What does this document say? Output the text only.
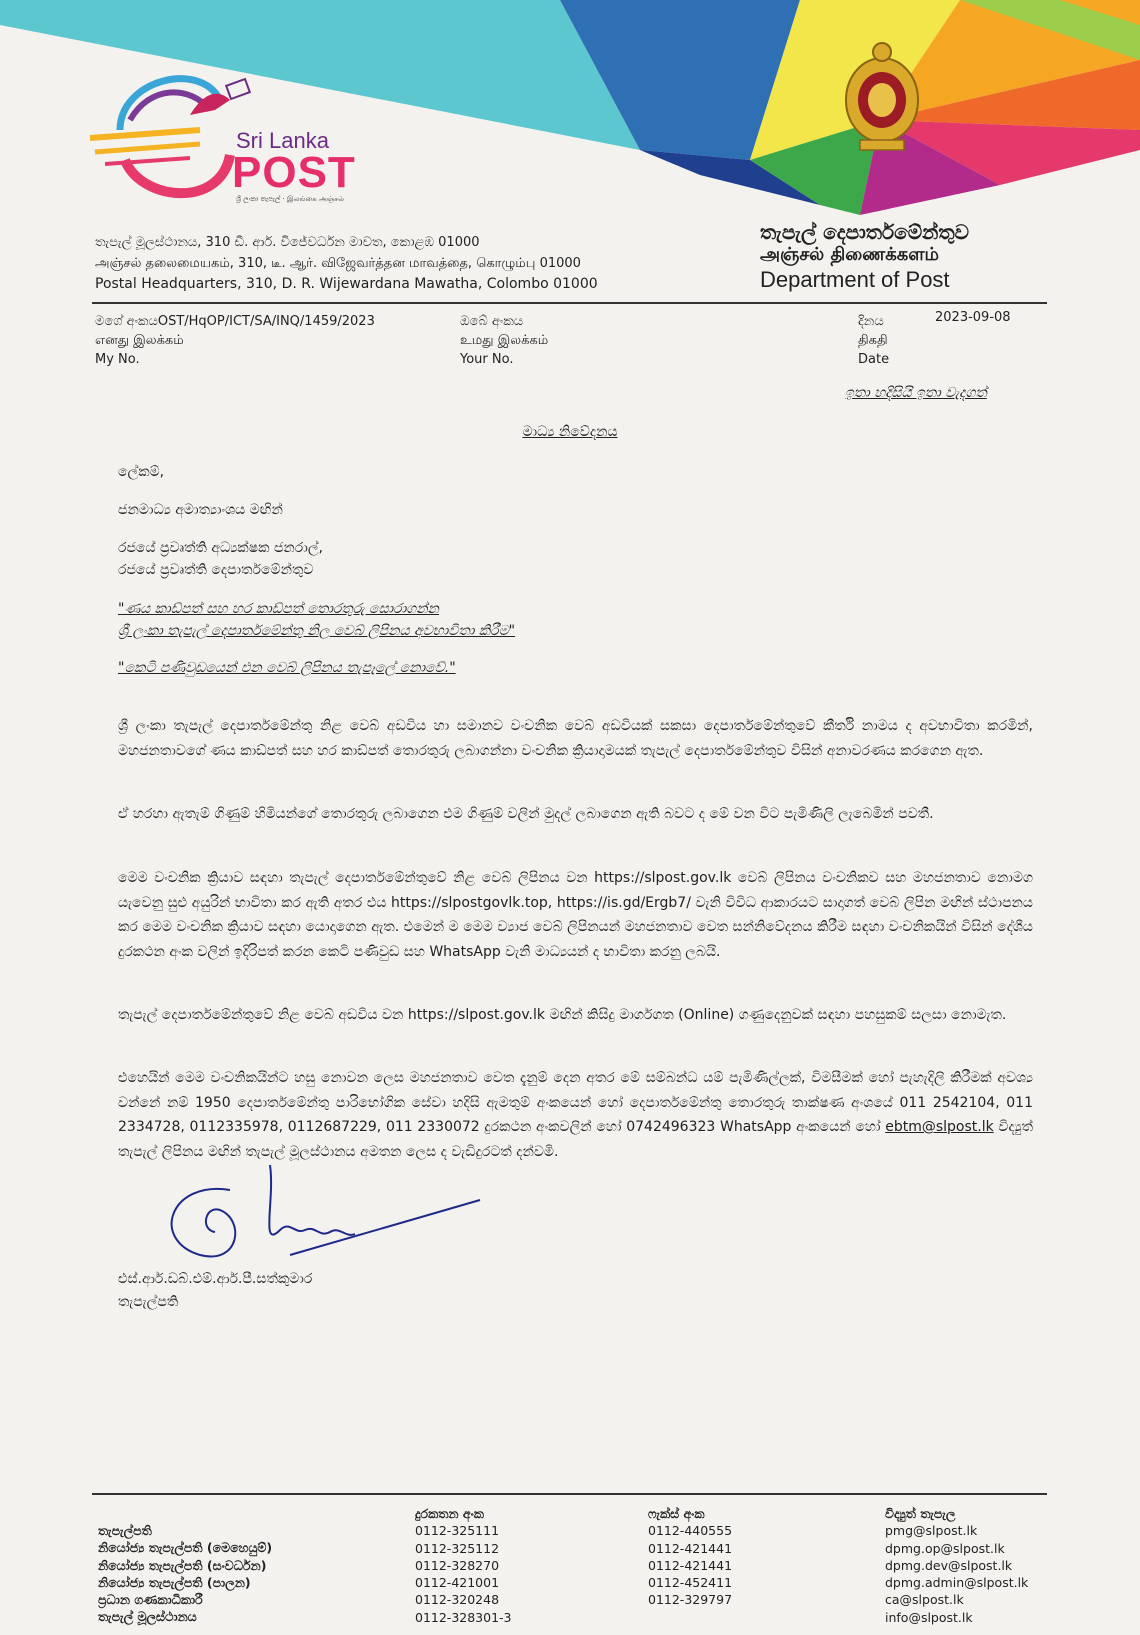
Sri Lanka
POST
ශ්‍රී ලංකා තැපැල් · இலங்கை அஞ்சல்
තැපැල් මූලස්ථානය, 310 ඩී. ආර්. විජේවර්ධන මාවත, කොළඹ 01000
அஞ்சல் தலைமையகம், 310, டீ. ஆர். விஜேவர்த்தன மாவத்தை, கொழும்பு 01000
Postal Headquarters, 310, D. R. Wijewardana Mawatha, Colombo 01000
තැපැල් දෙපාර්තමේන්තුව
அஞ்சல் திணைக்களம்
Department of Post
මගේ අංකයOST/HqOP/ICT/SA/INQ/1459/2023
எனது இலக்கம்
My No.
ඔබේ අංකය
உமது இலக்கம்
Your No.
දිනය
திகதி
Date
2023-09-08
ඉතා හදිසියි ඉතා වැදගත්
මාධ්‍ය නිවේදනය
ලේකම්,
ජනමාධ්‍ය අමාත්‍යාංශය මඟින්
රජයේ ප්‍රවෘත්ති අධ්‍යක්ෂක ජනරාල්,
රජයේ ප්‍රවෘත්ති දෙපාර්තමේන්තුව
"ණය කාඩ්පත් සහ හර කාඩ්පත් තොරතුරු සොරාගන්න
ශ්‍රී ලංකා තැපැල් දෙපාර්තමේන්තු නිල වෙබ් ලිපිනය අවභාවිතා කිරීම"
"කෙටි පණිවුඩයෙන් එන වෙබ් ලිපිනය තැපෑලේ නොවේ."
ශ්‍රී ලංකා තැපැල් දෙපාර්තමේන්තු නිළ වෙබ් අඩවිය හා සමානව වංචනික වෙබ් අඩවියක් සකසා දෙපාර්තමේන්තුවේ කීර්ති නාමය ද අවභාවිතා කරමින්, මහජනතාවගේ ණය කාඩ්පත් සහ හර කාඩ්පත් තොරතුරු ලබාගන්නා වංචනික ක්‍රියාදාමයක් තැපැල් දෙපාර්තමේන්තුව විසින් අනාවරණය කරගෙන ඇත.
ඒ හරහා ඇතැම් ගිණුම් හිමියන්ගේ තොරතුරු ලබාගෙන එම ගිණුම් වලින් මුදල් ලබාගෙන ඇති බවට ද මේ වන විට පැමිණිලි ලැබෙමින් පවතී.
මෙම වංචනික ක්‍රියාව සඳහා තැපැල් දෙපාර්තමේන්තුවේ නිළ වෙබ් ලිපිනය වන https://slpost.gov.lk වෙබ් ලිපිනය වංචනිකව සහ මහජනතාව නොමග යැවෙනු සුළු අයුරින් භාවිතා කර ඇති අතර එය https://slpostgovlk.top, https://is.gd/Ergb7/ වැනි විවිධ ආකාරයට සාදාගත් වෙබ් ලිපින මඟින් ස්ථාපනය කර මෙම වංචනික ක්‍රියාව සඳහා යොදාගෙන ඇත. එමෙන් ම මෙම ව්‍යාජ වෙබ් ලිපිනයන් මහජනතාව වෙත සන්නිවේදනය කිරීම සඳහා වංචනිකයින් විසින් දේශීය දුරකථන අංක වලින් ඉදිරිපත් කරන කෙටි පණිවුඩ සහ WhatsApp වැනි මාධ්‍යයන් ද භාවිතා කරනු ලබයි.
තැපැල් දෙපාර්තමේන්තුවේ නිළ වෙබ් අඩවිය වන https://slpost.gov.lk මඟින් කිසිදු මාර්ගගත (Online) ගණුදෙනුවක් සඳහා පහසුකම් සලසා නොමැත.
එහෙයින් මෙම වංචනිකයින්ට හසු නොවන ලෙස මහජනතාව වෙත දැනුම් දෙන අතර මේ සම්බන්ධ යම් පැමිණිල්ලක්, විමසීමක් හෝ පැහැදිලි කිරීමක් අවශ්‍ය වන්නේ නම් 1950 දෙපාර්තමේන්තු පාරිභෝගික සේවා හදිසි ඇමතුම් අංකයෙන් හෝ දෙපාර්තමේන්තු තොරතුරු තාක්ෂණ අංශයේ 011 2542104, 011 2334728, 0112335978, 0112687229, 011 2330072 දුරකථන අංකවලින් හෝ 0742496323 WhatsApp අංකයෙන් හෝ ebtm@slpost.lk විද්‍යුත් තැපැල් ලිපිනය මඟින් තැපැල් මූලස්ථානය අමතන ලෙස ද වැඩිදුරටත් දන්වමි.
එස්.ආර්.ඩබ්.එම්.ආර්.පී.සත්කුමාර
තැපැල්පති
තැපැල්පති
නියෝජ්‍ය තැපැල්පති (මෙහෙයුම්)
නියෝජ්‍ය තැපැල්පති (සංවර්ධන)
නියෝජ්‍ය තැපැල්පති (පාලන)
ප්‍රධාන ගණකාධිකාරී
තැපැල් මූලස්ථානය
දුරකතන අංක
0112-325111
0112-325112
0112-328270
0112-421001
0112-320248
0112-328301-3
ෆැක්ස් අංක
0112-440555
0112-421441
0112-421441
0112-452411
0112-329797
විද්‍යුත් තැපැල
pmg@slpost.lk
dpmg.op@slpost.lk
dpmg.dev@slpost.lk
dpmg.admin@slpost.lk
ca@slpost.lk
info@slpost.lk
